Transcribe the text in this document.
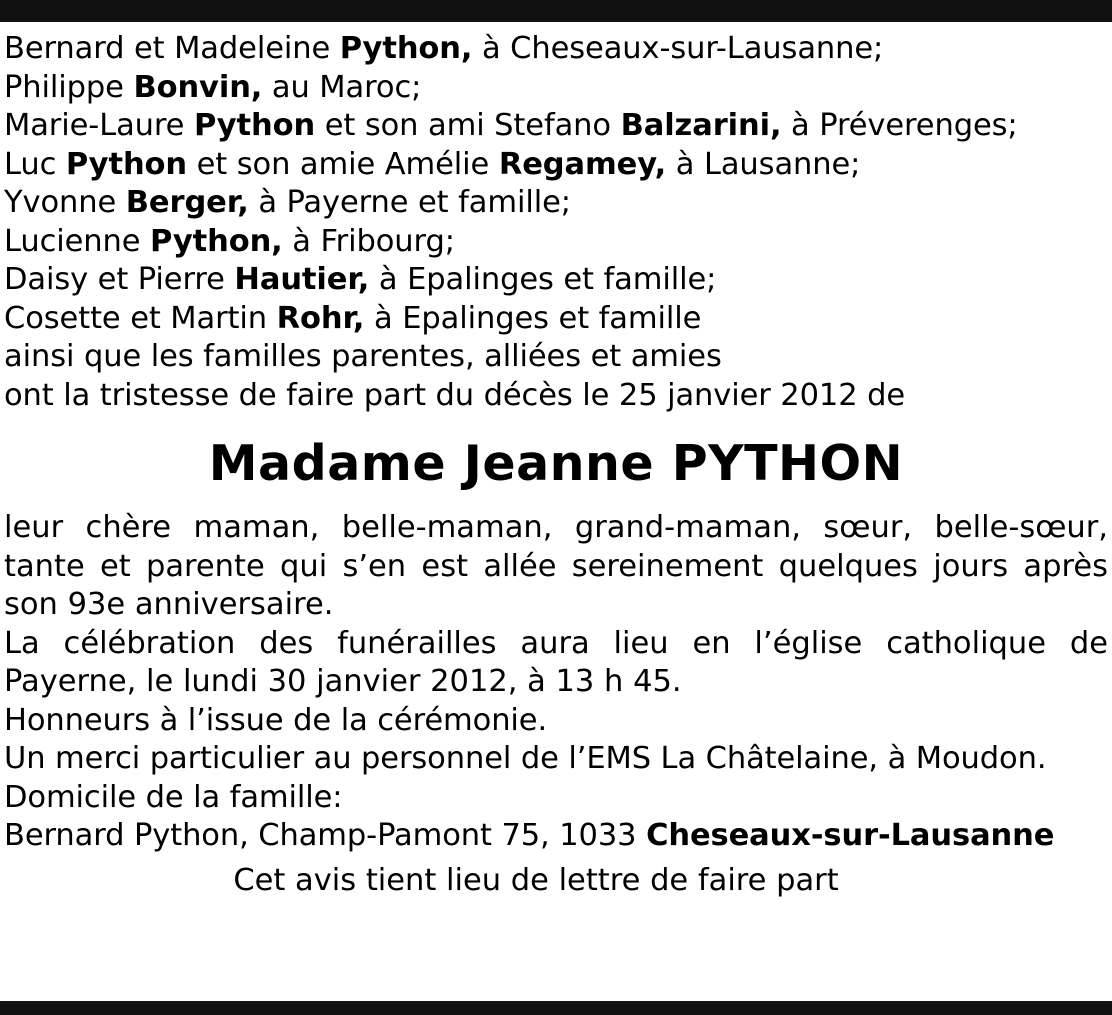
Bernard et Madeleine Python, à Cheseaux-sur-Lausanne;
Philippe Bonvin, au Maroc;
Marie-Laure Python et son ami Stefano Balzarini, à Préverenges;
Luc Python et son amie Amélie Regamey, à Lausanne;
Yvonne Berger, à Payerne et famille;
Lucienne Python, à Fribourg;
Daisy et Pierre Hautier, à Epalinges et famille;
Cosette et Martin Rohr, à Epalinges et famille
ainsi que les familles parentes, alliées et amies
ont la tristesse de faire part du décès le 25 janvier 2012 de
Madame Jeanne PYTHON

leur chère maman, belle-maman, grand-maman, sœur, belle-sœur, tante et parente qui s’en est allée sereinement quelques jours après son 93e anniversaire.

La célébration des funérailles aura lieu en l’église catholique de Payerne, le lundi 30 janvier 2012, à 13 h 45.

Honneurs à l’issue de la cérémonie.
Un merci particulier au personnel de l’EMS La Châtelaine, à Moudon.
Domicile de la famille:
Bernard Python, Champ-Pamont 75, 1033 Cheseaux-sur-Lausanne
Cet avis tient lieu de lettre de faire part
